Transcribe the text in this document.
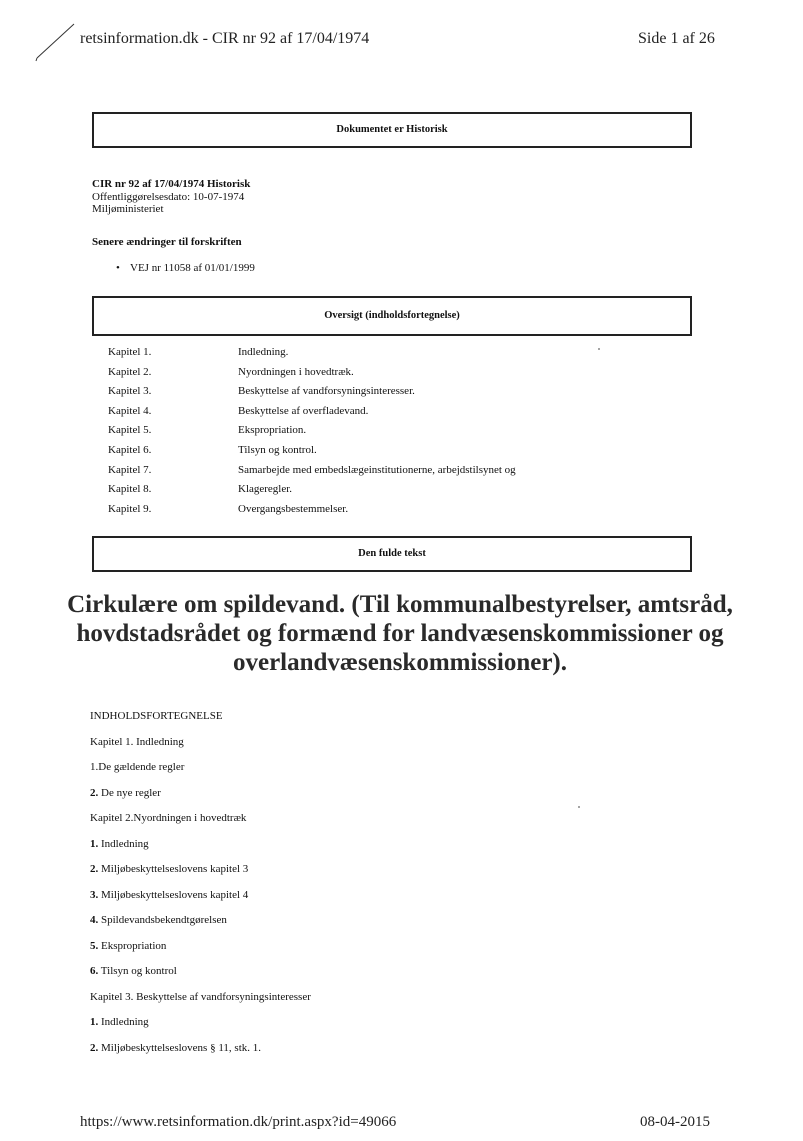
retsinformation.dk - CIR nr 92 af 17/04/1974	Side 1 af 26
Dokumentet er Historisk
CIR nr 92 af 17/04/1974 Historisk
Offentliggørelsesdato: 10-07-1974
Miljøministeriet
Senere ændringer til forskriften
• VEJ nr 11058 af 01/01/1999
Oversigt (indholdsfortegnelse)
Kapitel 1.	Indledning.
Kapitel 2.	Nyordningen i hovedtræk.
Kapitel 3.	Beskyttelse af vandforsyningsinteresser.
Kapitel 4.	Beskyttelse af overfladevand.
Kapitel 5.	Ekspropriation.
Kapitel 6.	Tilsyn og kontrol.
Kapitel 7.	Samarbejde med embedslægeinstitutionerne, arbejdstilsynet og
Kapitel 8.	Klageregler.
Kapitel 9.	Overgangsbestemmelser.
Den fulde tekst
Cirkulære om spildevand. (Til kommunalbestyrelser, amtsråd, hovdstadsrådet og formænd for landvæsenskommissioner og overlandvæsenskommissioner).
INDHOLDSFORTEGNELSE
Kapitel 1. Indledning
1.De gældende regler
2. De nye regler
Kapitel 2.Nyordningen i hovedtræk
1. Indledning
2. Miljøbeskyttelseslovens kapitel 3
3. Miljøbeskyttelseslovens kapitel 4
4. Spildevandsbekendtgørelsen
5. Ekspropriation
6. Tilsyn og kontrol
Kapitel 3. Beskyttelse af vandforsyningsinteresser
1. Indledning
2. Miljøbeskyttelseslovens § 11, stk. 1.
https://www.retsinformation.dk/print.aspx?id=49066	08-04-2015
